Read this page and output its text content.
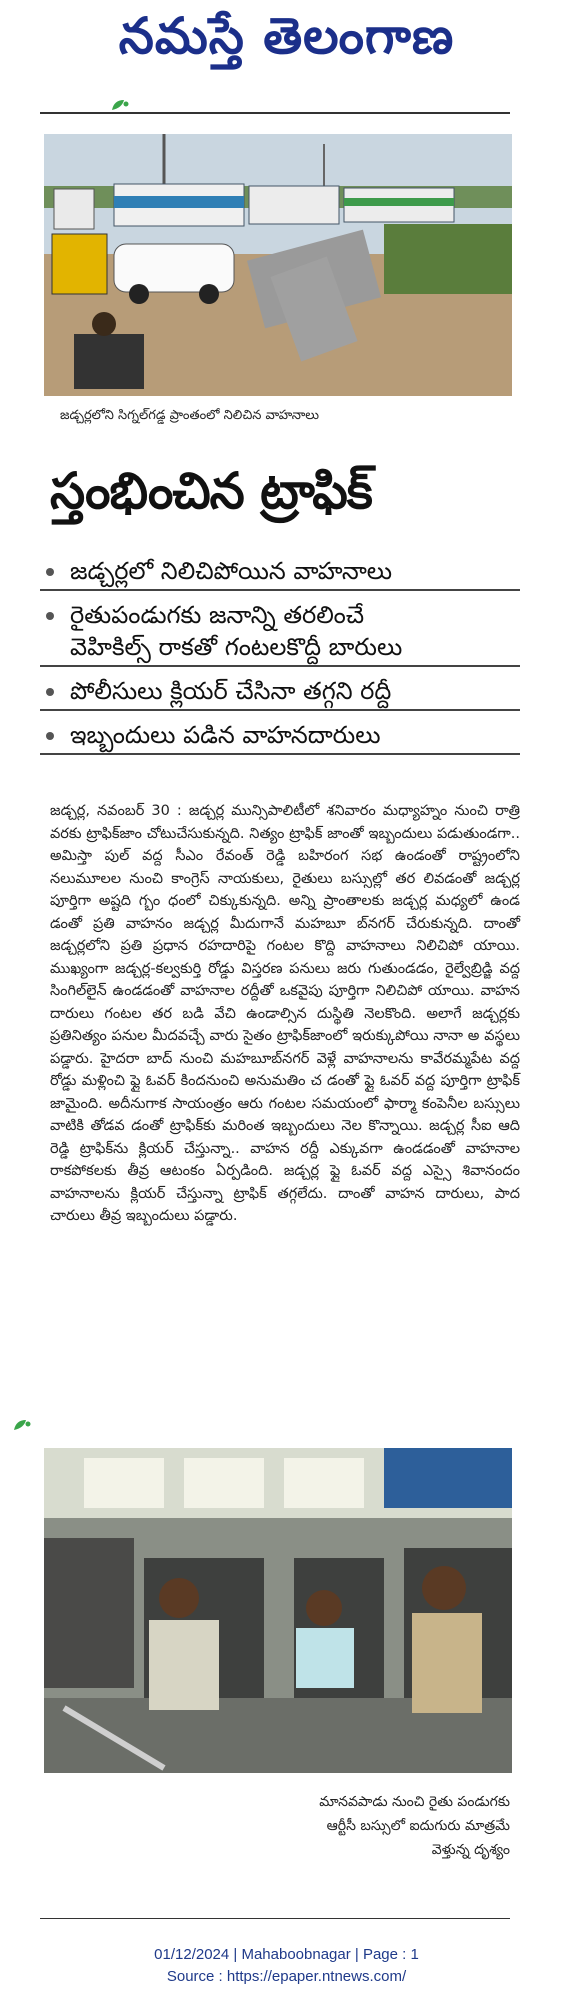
నమస్తే తెలంగాణ
జడ్చర్లలోని సిగ్నల్‌గడ్డ ప్రాంతంలో నిలిచిన వాహనాలు
స్తంభించిన ట్రాఫిక్
జడ్చర్లలో నిలిచిపోయిన వాహనాలు
రైతుపండుగకు జనాన్ని తరలించే
వెహికిల్స్ రాకతో గంటలకొద్దీ బారులు
పోలీసులు క్లియర్ చేసినా తగ్గని రద్దీ
ఇబ్బందులు పడిన వాహనదారులు
జడ్చర్ల, నవంబర్ 30 : జడ్చర్ల మున్సిపాలిటీలో శనివారం మధ్యాహ్నం నుంచి రాత్రి వరకు ట్రాఫిక్‌జాం చోటుచేసుకున్నది. నిత్యం ట్రాఫిక్ జాంతో ఇబ్బందులు పడుతుండగా.. అమిస్తా పుల్ వద్ద సీఎం రేవంత్ రెడ్డి బహిరంగ సభ ఉండంతో రాష్ట్రంలోని నలుమూలల నుంచి కాంగ్రెస్ నాయకులు, రైతులు బస్సుల్లో తర లివడంతో జడ్చర్ల పూర్తిగా అష్టది గ్బం ధంలో చిక్కుకున్నది. అన్ని ప్రాంతాలకు జడ్చర్ల మధ్యలో ఉండ డంతో ప్రతి వాహనం జడ్చర్ల మీదుగానే మహబూ బ్‌నగర్ చేరుకున్నది. దాంతో జడ్చర్లలోని ప్రతి ప్రధాన రహదారిపై గంటల కొద్ది వాహనాలు నిలిచిపో యాయి. ముఖ్యంగా జడ్చర్ల-కల్వకుర్తి రోడ్డు విస్తరణ పనులు జరు గుతుండడం, రైల్వేబ్రిడ్జి వద్ద సింగిల్‌లైన్ ఉండడంతో వాహనాల రద్దీతో ఒకవైపు పూర్తిగా నిలిచిపో యాయి. వాహన దారులు గంటల తర బడి వేచి ఉండాల్సిన దుస్థితి నెలకొంది. అలాగే జడ్చర్లకు ప్రతినిత్యం పనుల మీదవచ్చే వారు సైతం ట్రాఫిక్‌జాంలో ఇరుక్కుపోయి నానా అ వస్థలు పడ్డారు. హైదరా బాద్ నుంచి మహబూబ్‌నగర్ వెళ్లే వాహనాలను కావేరమ్మపేట వద్ద రోడ్డు మళ్లించి ఫ్లై ఓవర్ కిందనుంచి అనుమతిం చ డంతో ఫ్లై ఓవర్ వద్ద పూర్తిగా ట్రాఫిక్ జామైంది. అదీనుగాక సాయంత్రం ఆరు గంటల సమయంలో ఫార్మా కంపెనీల బస్సులు వాటికి తోడవ డంతో ట్రాఫిక్‌కు మరింత ఇబ్బందులు నెల కొన్నాయి. జడ్చర్ల సీఐ ఆది రెడ్డి ట్రాఫిక్‌ను క్లియర్ చేస్తున్నా.. వాహన రద్దీ ఎక్కువగా ఉండడంతో వాహనాల రాకపోకలకు తీవ్ర ఆటంకం ఏర్పడింది. జడ్చర్ల ఫ్లై ఓవర్ వద్ద ఎస్సై శివానందం వాహనాలను క్లియర్ చేస్తున్నా ట్రాఫిక్ తగ్గలేదు. దాంతో వాహన దారులు, పాద చారులు తీవ్ర ఇబ్బందులు పడ్డారు.
మానవపాడు నుంచి రైతు పండుగకు
ఆర్టీసీ బస్సులో ఐదుగురు మాత్రమే
వెళ్తున్న దృశ్యం
01/12/2024 | Mahaboobnagar | Page : 1
Source : https://epaper.ntnews.com/
